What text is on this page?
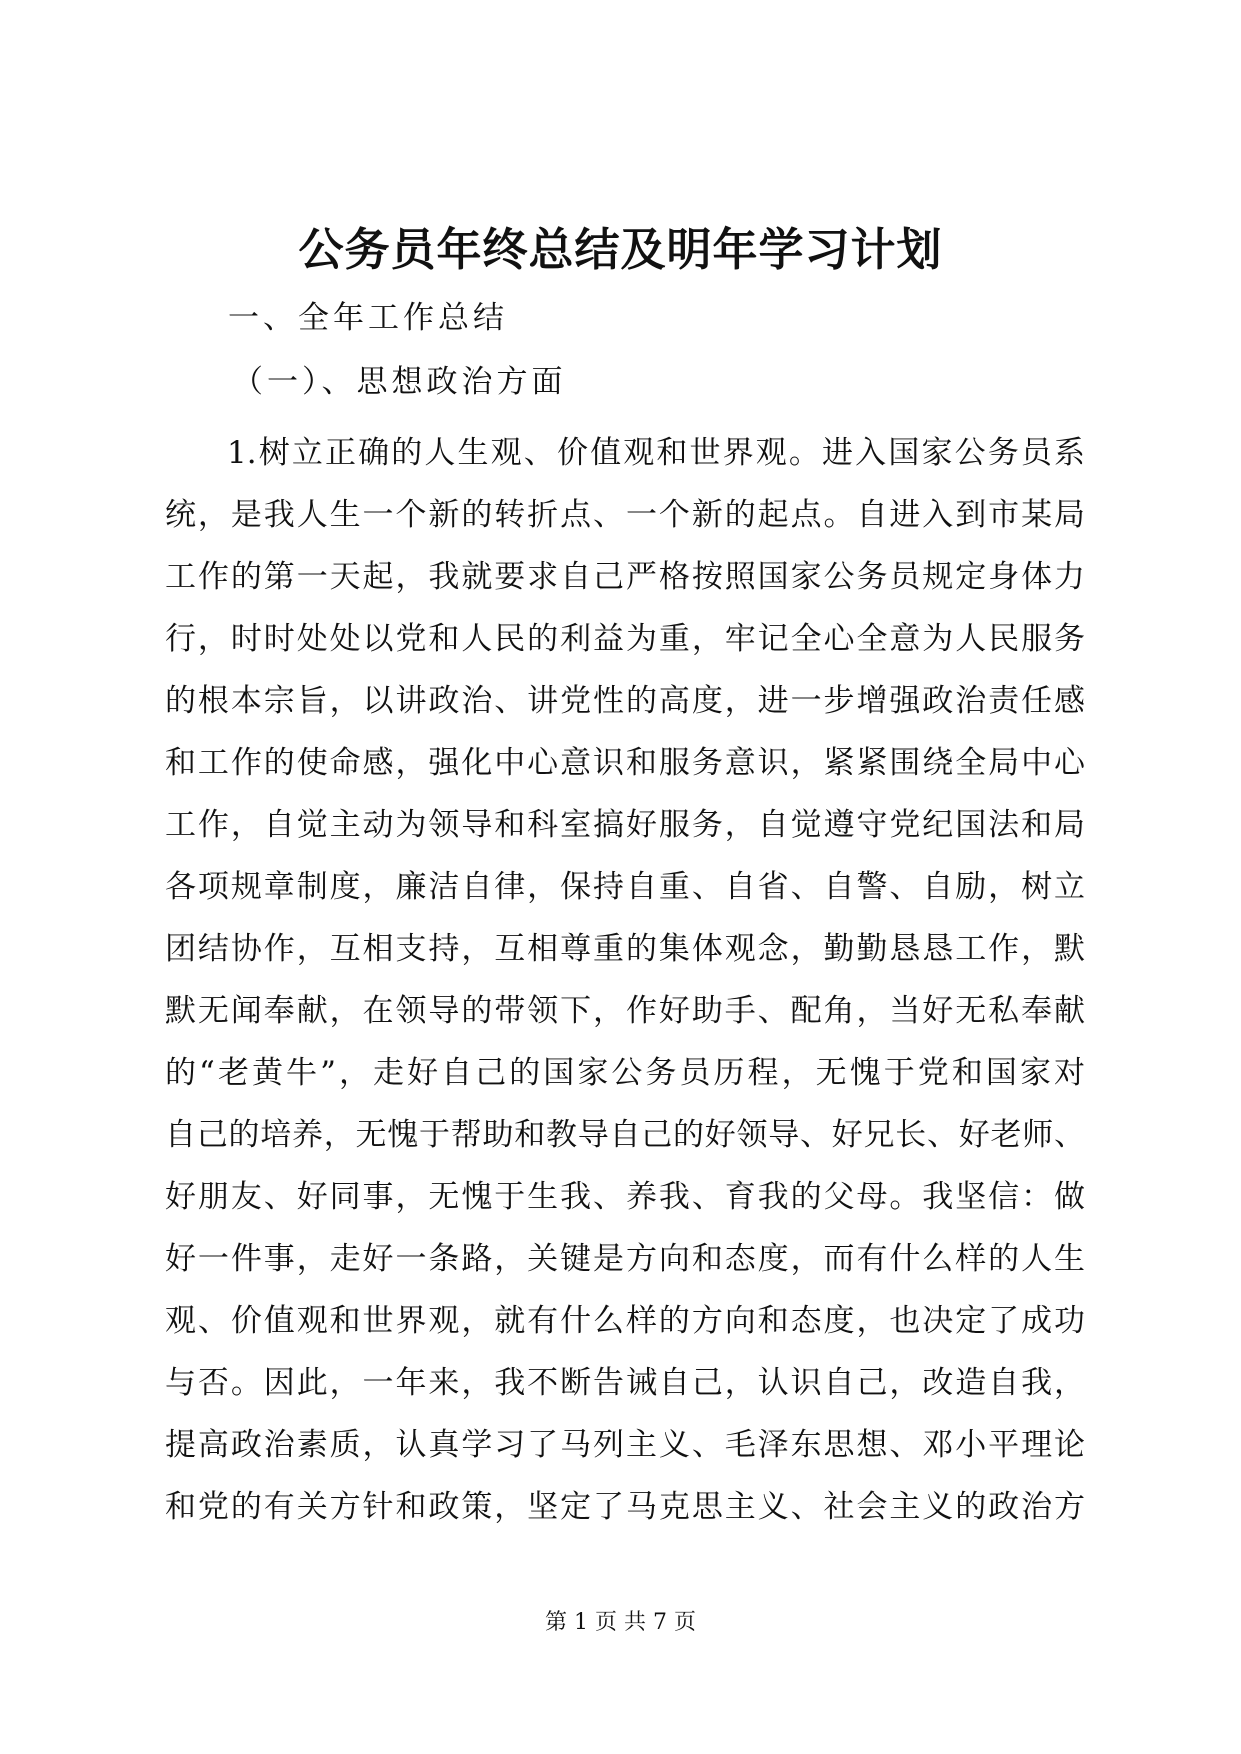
公务员年终总结及明年学习计划

一、全年工作总结

（一）、思想政治方面

1.树立正确的人生观、价值观和世界观。进入国家公务员系
统，是我人生一个新的转折点、一个新的起点。自进入到市某局
工作的第一天起，我就要求自己严格按照国家公务员规定身体力
行，时时处处以党和人民的利益为重，牢记全心全意为人民服务
的根本宗旨，以讲政治、讲党性的高度，进一步增强政治责任感
和工作的使命感，强化中心意识和服务意识，紧紧围绕全局中心
工作，自觉主动为领导和科室搞好服务，自觉遵守党纪国法和局
各项规章制度，廉洁自律，保持自重、自省、自警、自励，树立
团结协作，互相支持，互相尊重的集体观念，勤勤恳恳工作，默
默无闻奉献，在领导的带领下，作好助手、配角，当好无私奉献
的“老黄牛”，走好自己的国家公务员历程，无愧于党和国家对
自己的培养，无愧于帮助和教导自己的好领导、好兄长、好老师、
好朋友、好同事，无愧于生我、养我、育我的父母。我坚信：做
好一件事，走好一条路，关键是方向和态度，而有什么样的人生
观、价值观和世界观，就有什么样的方向和态度，也决定了成功
与否。因此，一年来，我不断告诫自己，认识自己，改造自我，
提高政治素质，认真学习了马列主义、毛泽东思想、邓小平理论
和党的有关方针和政策，坚定了马克思主义、社会主义的政治方

第 1 页 共 7 页
